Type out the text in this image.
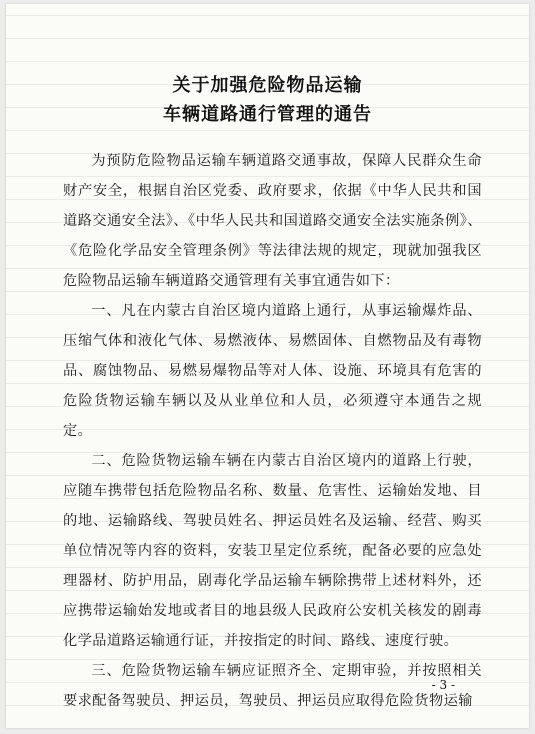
关于加强危险物品运输
车辆道路通行管理的通告

为预防危险物品运输车辆道路交通事故，保障人民群众生命财产安全，根据自治区党委、政府要求，依据《中华人民共和国道路交通安全法》、《中华人民共和国道路交通安全法实施条例》、《危险化学品安全管理条例》等法律法规的规定，现就加强我区危险物品运输车辆道路交通管理有关事宜通告如下：

一、凡在内蒙古自治区境内道路上通行，从事运输爆炸品、压缩气体和液化气体、易燃液体、易燃固体、自燃物品及有毒物品、腐蚀物品、易燃易爆物品等对人体、设施、环境具有危害的危险货物运输车辆以及从业单位和人员，必须遵守本通告之规定。

二、危险货物运输车辆在内蒙古自治区境内的道路上行驶，应随车携带包括危险物品名称、数量、危害性、运输始发地、目的地、运输路线、驾驶员姓名、押运员姓名及运输、经营、购买单位情况等内容的资料，安装卫星定位系统，配备必要的应急处理器材、防护用品，剧毒化学品运输车辆除携带上述材料外，还应携带运输始发地或者目的地县级人民政府公安机关核发的剧毒化学品道路运输通行证，并按指定的时间、路线、速度行驶。

三、危险货物运输车辆应证照齐全、定期审验，并按照相关要求配备驾驶员、押运员，驾驶员、押运员应取得危险货物运输

- 3 -
